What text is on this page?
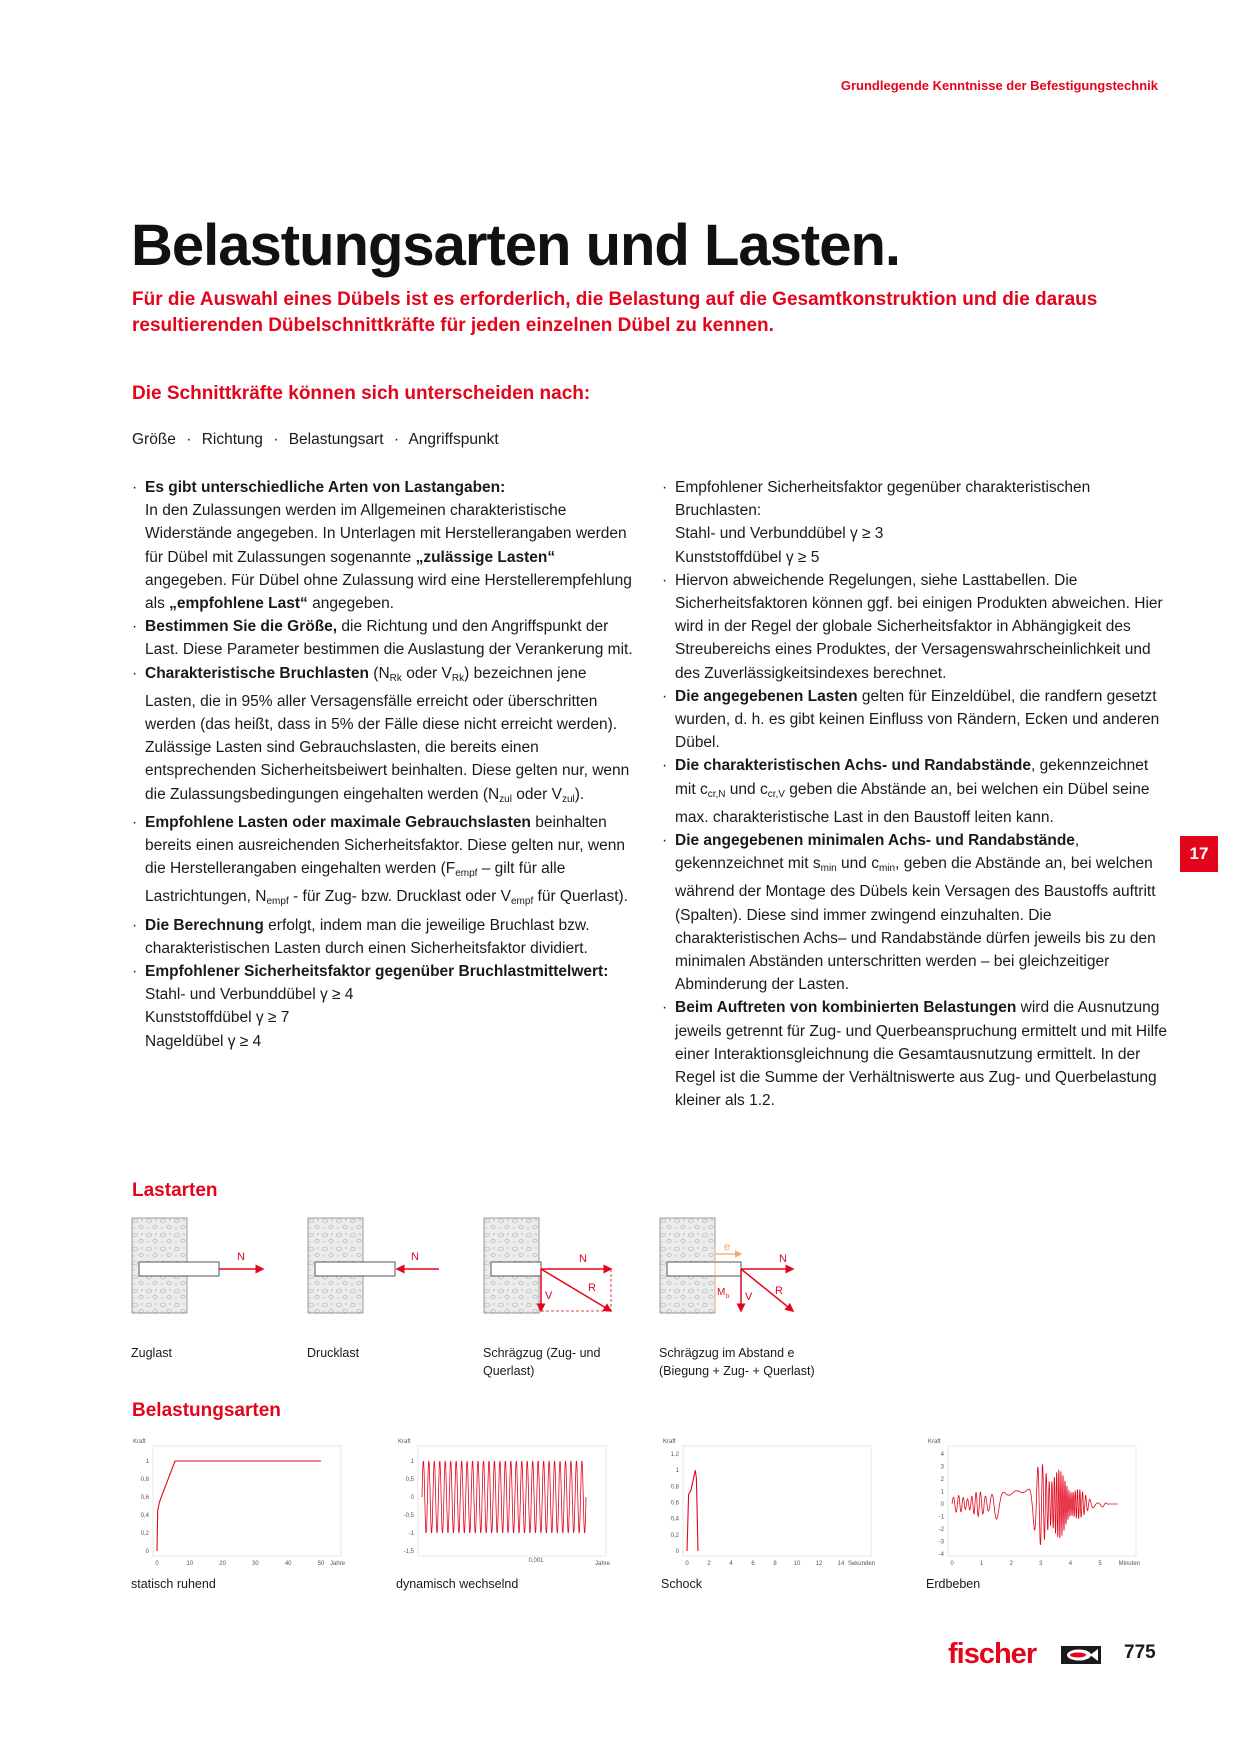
Grundlegende Kenntnisse der Befestigungstechnik
Belastungsarten und Lasten.
Für die Auswahl eines Dübels ist es erforderlich, die Belastung auf die Gesamtkonstruktion und die daraus resultierenden Dübelschnittkräfte für jeden einzelnen Dübel zu kennen.
Die Schnittkräfte können sich unterscheiden nach:
Größe · Richtung · Belastungsart · Angriffspunkt
· Es gibt unterschiedliche Arten von Lastangaben:
In den Zulassungen werden im Allgemeinen charakteristische Widerstände angegeben. In Unterlagen mit Herstellerangaben werden für Dübel mit Zulassungen sogenannte „zulässige Lasten“ angegeben. Für Dübel ohne Zulassung wird eine Herstellerempfehlung als „empfohlene Last“ angegeben.
· Bestimmen Sie die Größe, die Richtung und den Angriffspunkt der Last. Diese Parameter bestimmen die Auslastung der Verankerung mit.
· Charakteristische Bruchlasten ($N_{Rk}$ oder $V_{Rk}$) bezeichnen jene Lasten, die in 95% aller Versagensfälle erreicht oder überschritten werden (das heißt, dass in 5% der Fälle diese nicht erreicht werden).
Zulässige Lasten sind Gebrauchslasten, die bereits einen entsprechenden Sicherheitsbeiwert beinhalten. Diese gelten nur, wenn die Zulassungsbedingungen eingehalten werden ($N_{zul}$ oder $V_{zul}$).
· Empfohlene Lasten oder maximale Gebrauchslasten beinhalten bereits einen ausreichenden Sicherheitsfaktor. Diese gelten nur, wenn die Herstellerangaben eingehalten werden ($F_{empf}$ – gilt für alle Lastrichtungen, $N_{empf}$ - für Zug- bzw. Drucklast oder $V_{empf}$ für Querlast).
· Die Berechnung erfolgt, indem man die jeweilige Bruchlast bzw. charakteristischen Lasten durch einen Sicherheitsfaktor dividiert.
· Empfohlener Sicherheitsfaktor gegenüber Bruchlastmittelwert:
Stahl- und Verbunddübel γ ≥ 4
Kunststoffdübel γ ≥ 7
Nageldübel γ ≥ 4
· Empfohlener Sicherheitsfaktor gegenüber charakteristischen Bruchlasten:
Stahl- und Verbunddübel γ ≥ 3
Kunststoffdübel γ ≥ 5
· Hiervon abweichende Regelungen, siehe Lasttabellen. Die Sicherheitsfaktoren können ggf. bei einigen Produkten abweichen. Hier wird in der Regel der globale Sicherheitsfaktor in Abhängigkeit des Streubereichs eines Produktes, der Versagenswahrscheinlichkeit und des Zuverlässigkeitsindexes berechnet.
· Die angegebenen Lasten gelten für Einzeldübel, die randfern gesetzt wurden, d. h. es gibt keinen Einfluss von Rändern, Ecken und anderen Dübel.
· Die charakteristischen Achs- und Randabstände, gekennzeichnet mit $c_{cr,N}$ und $c_{cr,V}$ geben die Abstände an, bei welchen ein Dübel seine max. charakteristische Last in den Baustoff leiten kann.
· Die angegebenen minimalen Achs- und Randabstände, gekennzeichnet mit $s_{min}$ und $c_{min}$, geben die Abstände an, bei welchen während der Montage des Dübels kein Versagen des Baustoffs auftritt (Spalten). Diese sind immer zwingend einzuhalten. Die charakteristischen Achs– und Randabstände dürfen jeweils bis zu den minimalen Abständen unterschritten werden – bei gleichzeitiger Abminderung der Lasten.
· Beim Auftreten von kombinierten Belastungen wird die Ausnutzung jeweils getrennt für Zug- und Querbeanspruchung ermittelt und mit Hilfe einer Interaktionsgleichnung die Gesamtausnutzung ermittelt. In der Regel ist die Summe der Verhältniswerte aus Zug- und Querbelastung kleiner als 1.2.
17
Lastarten
N	N	N
V
R
e
N
V R
M b
Zuglast	Drucklast	Schrägzug (Zug- und
Querlast)
Schrägzug im Abstand e
(Biegung + Zug- + Querlast)
Belastungsarten
Kraft
1
0,8
0,6
0,4
0,2
0
0	10	20	30	40	50 Jahre
Kraft
1
0,5
0
-0,5
-1
-1,5
Jahre
0,001
Kraft
1,2
1
0,8
0,6
0,4
0,2
0
0	2	4	6	8	10	12	14 Sekunden
Kraft
4
3
2
1
0
-1
-2
-3
-4
0	1	2	3	4	5	Minuten
statisch ruhend	dynamisch wechselnd	Schock	Erdbeben
fischer	775
